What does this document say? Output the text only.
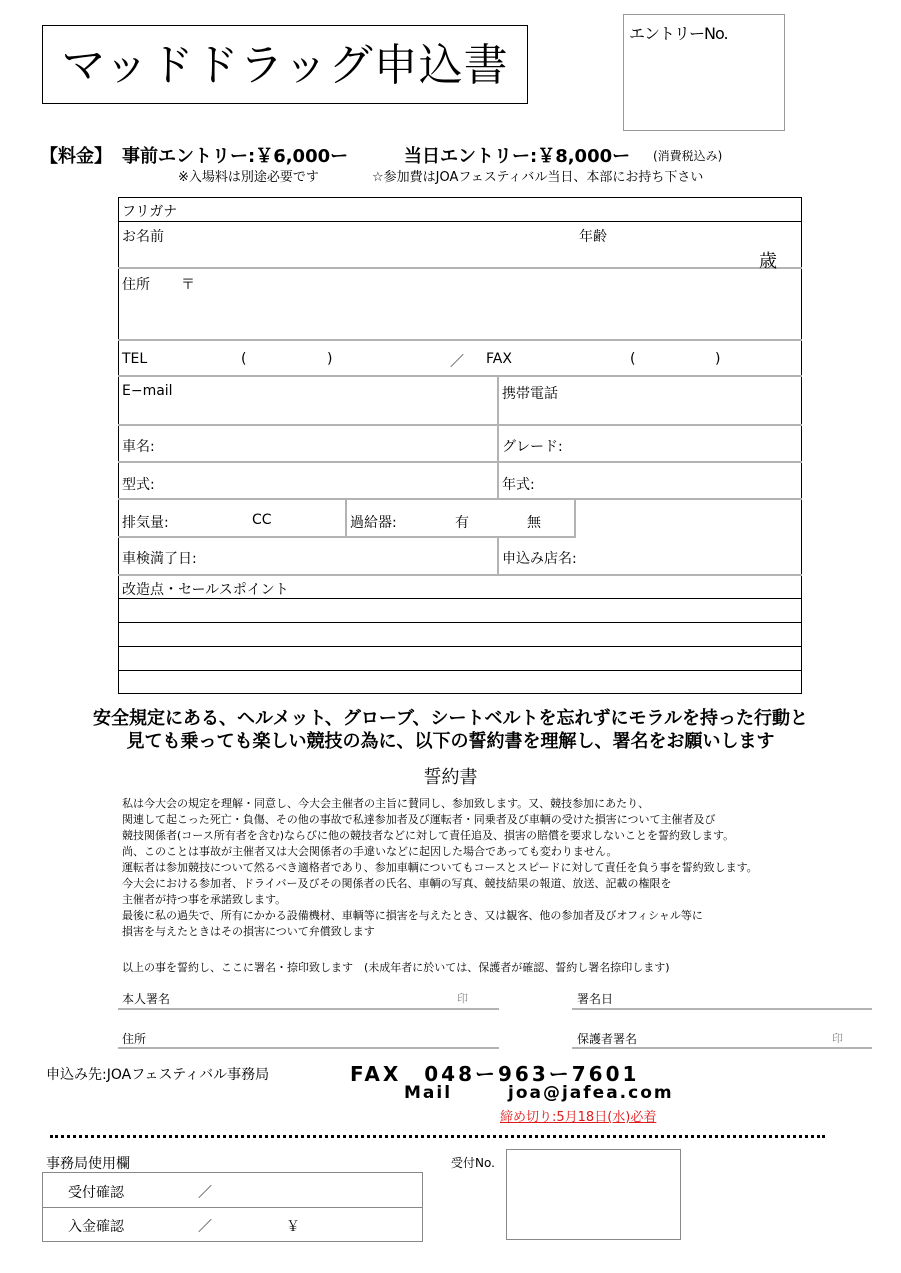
マッドドラッグ申込書
エントリーNo.
【料金】 事前エントリー:￥6,000ー	当日エントリー:￥8,000ー (消費税込み)
※入場料は別途必要です	☆参加費はJOAフェスティバル当日、本部にお持ち下さい
フリガナ
お名前	年齢
歳
住所 〒
TEL	(	)	／ FAX	(	)
E−mail	携帯電話
車名:	グレード:
型式:	年式:
排気量:	CC	過給器:	有	無
車検満了日:	申込み店名:
改造点・セールスポイント
安全規定にある、ヘルメット、グローブ、シートベルトを忘れずにモラルを持った行動と
見ても乗っても楽しい競技の為に、以下の誓約書を理解し、署名をお願いします
誓約書
私は今大会の規定を理解・同意し、今大会主催者の主旨に賛同し、参加致します。又、競技参加にあたり、
関連して起こった死亡・負傷、その他の事故で私達参加者及び運転者・同乗者及び車輌の受けた損害について主催者及び
競技関係者(コース所有者を含む)ならびに他の競技者などに対して責任追及、損害の賠償を要求しないことを誓約致します。
尚、このことは事故が主催者又は大会関係者の手違いなどに起因した場合であっても変わりません。
運転者は参加競技について然るべき適格者であり、参加車輌についてもコースとスピードに対して責任を負う事を誓約致します。
今大会における参加者、ドライバー及びその関係者の氏名、車輌の写真、競技結果の報道、放送、記載の権限を
主催者が持つ事を承諾致します。
最後に私の過失で、所有にかかる設備機材、車輌等に損害を与えたとき、又は観客、他の参加者及びオフィシャル等に
損害を与えたときはその損害について弁償致します
以上の事を誓約し、ここに署名・捺印致します　(未成年者に於いては、保護者が確認、誓約し署名捺印します)
本人署名	印	署名日
住所	保護者署名	印
申込み先:JOAフェスティバル事務局	FAX　048ー963ー7601
Mail	joa@jafea.com
締め切り:5月18日(水)必着
事務局使用欄
受付確認	／
入金確認	／	￥
受付No.
